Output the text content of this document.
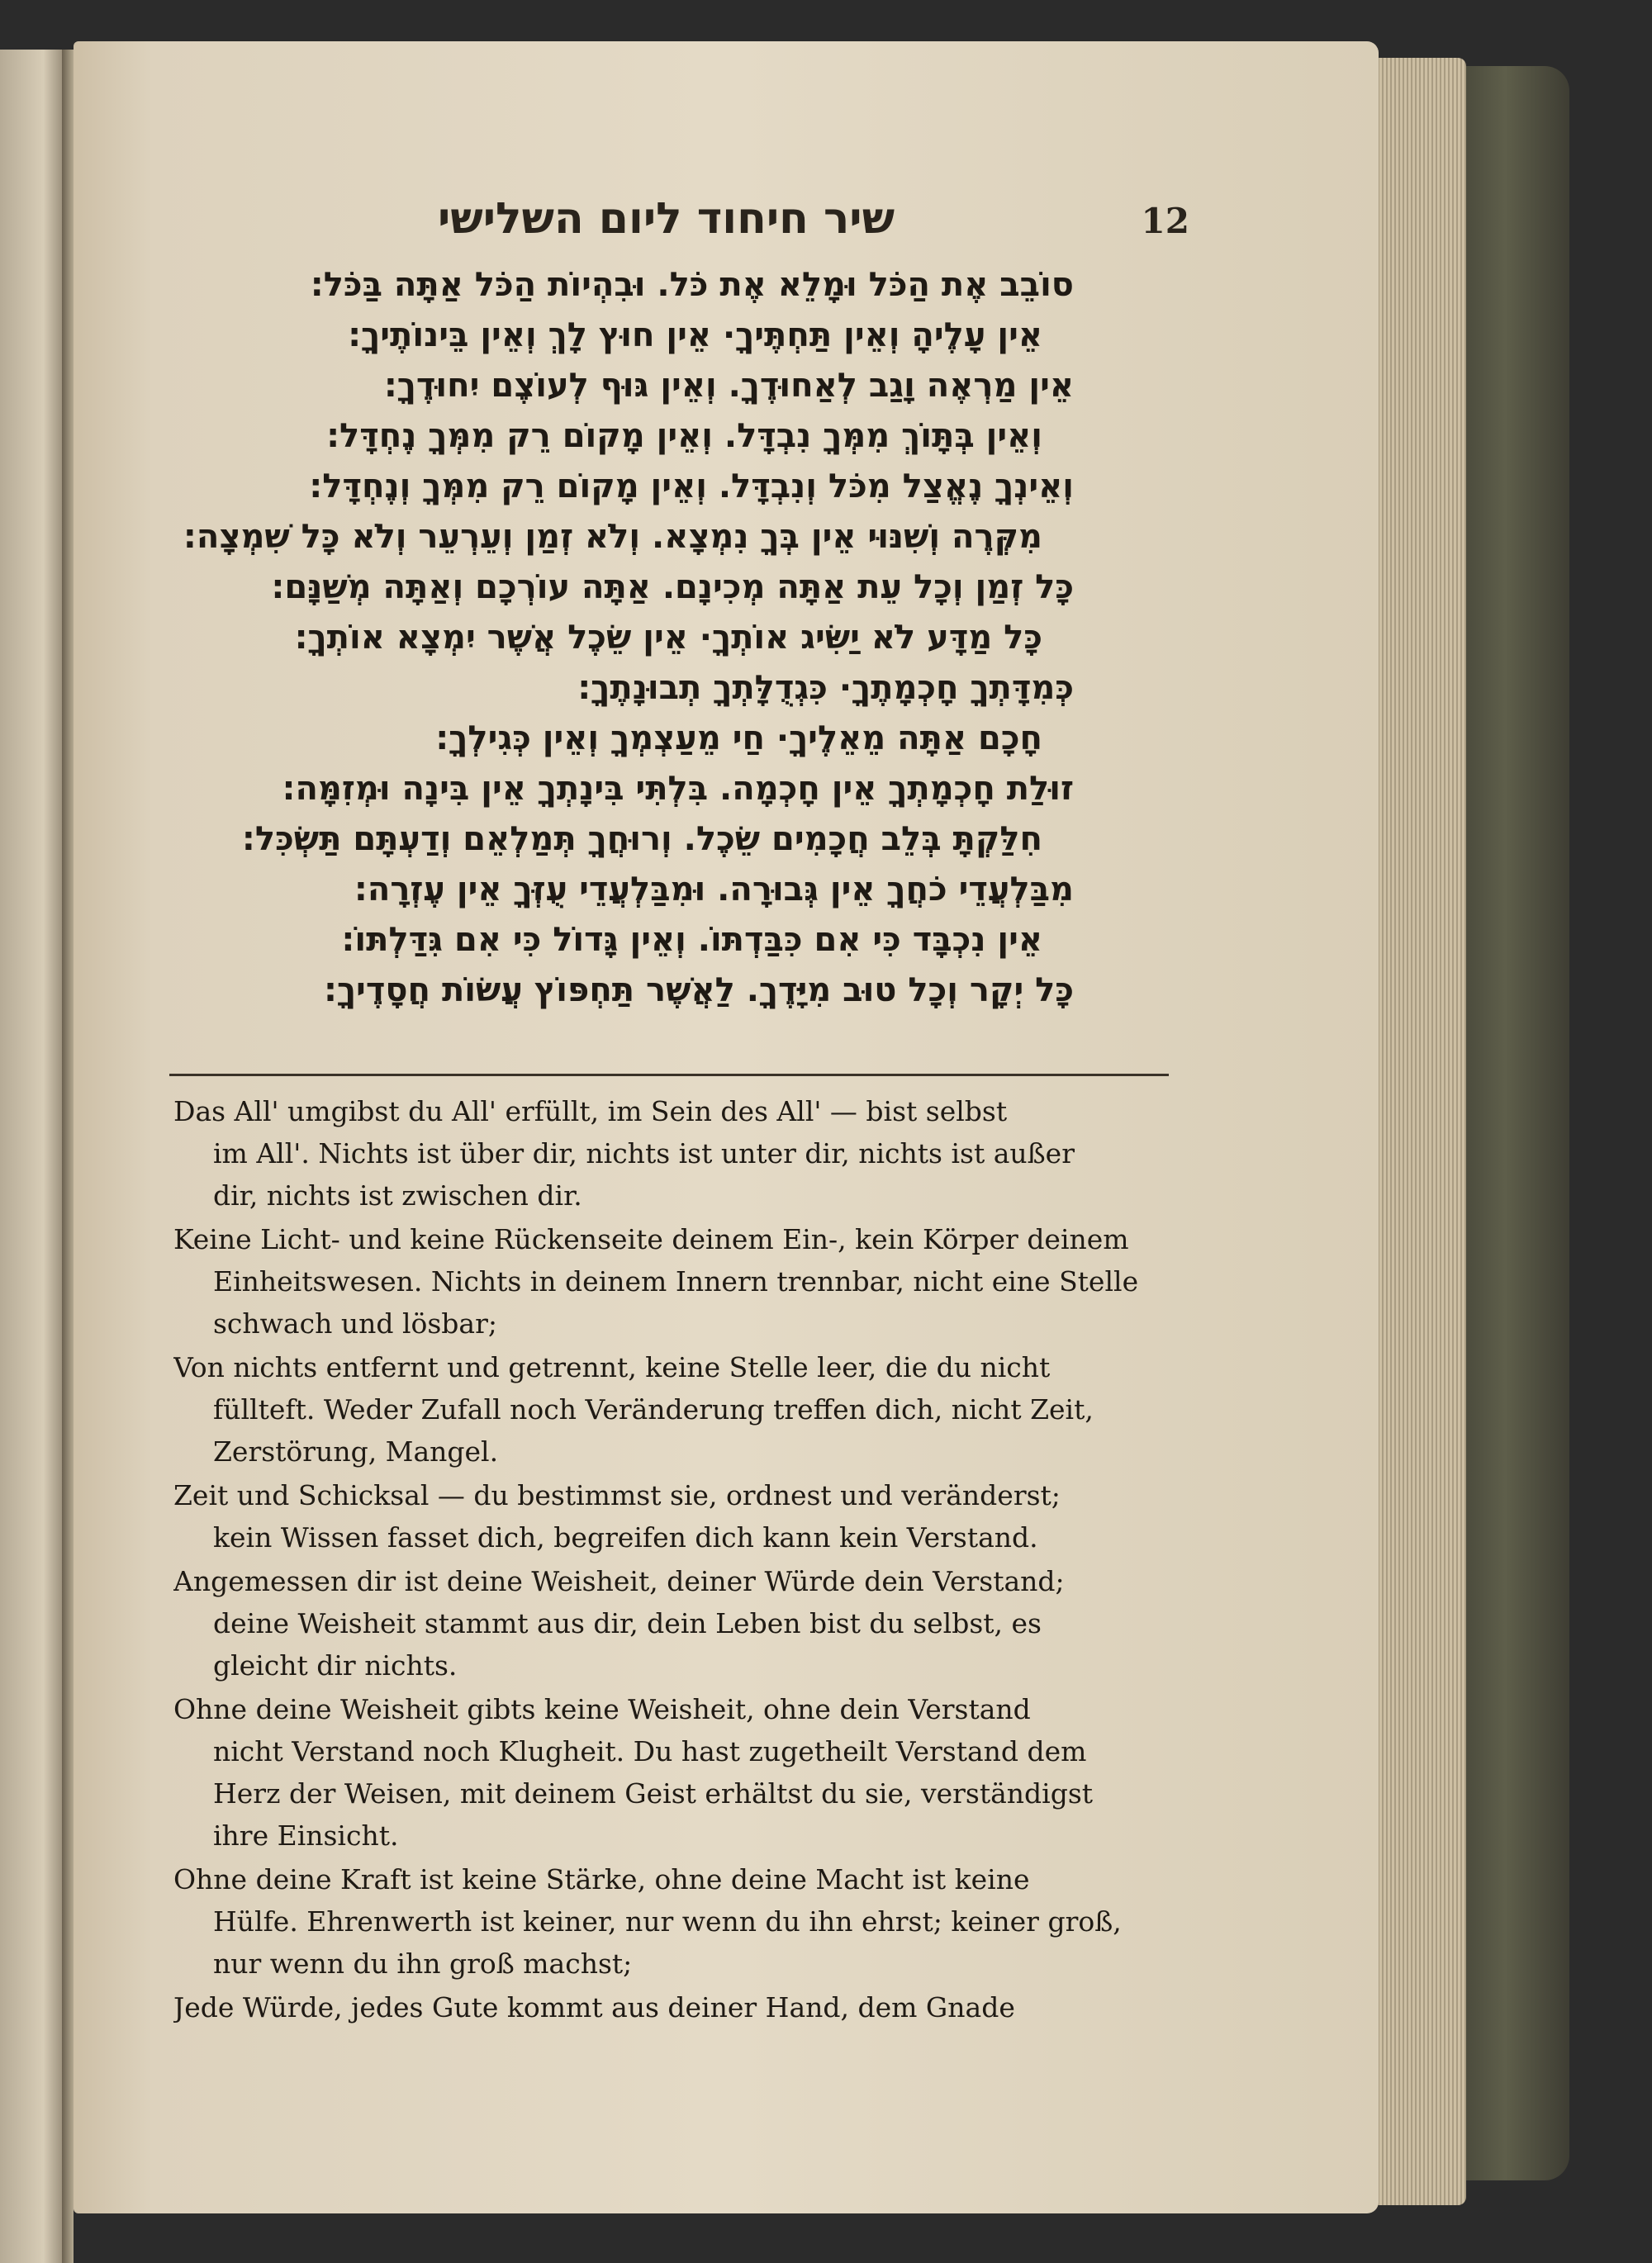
שיר חיחוד ליום השלישי	12
סוֹבֵב אֶת הַכֹּל וּמָלֵא אֶת כֹּל. וּבִהְיוֹת הַכֹּל אַתָּה בַּכֹּל:
אֵין עָלֶיהָ וְאֵין תַּחְתֶּיךָ· אֵין חוּץ לָךְ וְאֵין בֵּינוֹתֶיךָ:
אֵין מַרְאֶה וָגַב לְאַחוּדֶךָ. וְאֵין גּוּף לְעוֹצֶם יִחוּדֶךָ:
וְאֵין בְּתָּוֹךְ מִמְּךָ נִבְדָּל. וְאֵין מָקוֹם רֵק מִמְּךָ נֶחְדָּל:
וְאֵינְךָ נֶאֱצַל מִכֹּל וְנִבְדָּל. וְאֵין מָקוֹם רֵק מִמְּךָ וְנֶחְדָּל:
מִקְּרֶה וְשִׁנּוּי אֵין בְּךָ נִמְצָא. וְלֹא זְמַן וְעֵרְעֵר וְלֹא כָּל שִׁמְצָה:
כָּל זְמַן וְכָל עֵת אַתָּה מְכִינָם. אַתָּה עוֹרְכָם וְאַתָּה מְשַׁנָּם:
כָּל מַדָּע לֹא יַשִּׂיג אוֹתְךָ· אֵין שֵׂכֶל אֲשֶׁר יִמְצָא אוֹתְךָ:
כְּמִדָּתְךָ חָכְמָתֶךָ· כִּגְדֻלָּתְךָ תְבוּנָתֶךָ:
חָכָם אַתָּה מֵאֵלֶיךָ· חַי מֵעַצְמְךָ וְאֵין כְּגִילְךָ:
זוּלַת חָכְמָתְךָ אֵין חָכְמָה. בִּלְתִּי בִּינָתְךָ אֵין בִּינָה וּמְזִמָּה:
חִלַּקְתָּ בְּלֵב חֲכָמִים שֵׂכֶל. וְרוּחֲךָ תְּמַלְאֵם וְדַעְתָּם תַּשְׂכִּל:
מִבַּלְעֲדֵי כֹחֲךָ אֵין גְּבוּרָה. וּמִבַּלְעֲדֵי עֻזְּךָ אֵין עֶזְרָה:
אֵין נִכְבָּד כִּי אִם כִּבַּדְתּוֹ. וְאֵין גָּדוֹל כִּי אִם גִּדַּלְתּוֹ:
כָּל יְקָר וְכָל טוּב מִיָּדֶךָ. לַאֲשֶׁר תַּחְפּוֹץ עֲשׂוֹת חֲסָדֶיךָ:
Das All' umgibst du All' erfüllt, im Sein des All' — bist selbst
im All'. Nichts ist über dir, nichts ist unter dir, nichts ist außer
dir, nichts ist zwischen dir.
Keine Licht- und keine Rückenseite deinem Ein-, kein Körper deinem
Einheitswesen. Nichts in deinem Innern trennbar, nicht eine Stelle
schwach und lösbar;
Von nichts entfernt und getrennt, keine Stelle leer, die du nicht
füllteft. Weder Zufall noch Veränderung treffen dich, nicht Zeit,
Zerstörung, Mangel.
Zeit und Schicksal — du bestimmst sie, ordnest und veränderst;
kein Wissen fasset dich, begreifen dich kann kein Verstand.
Angemessen dir ist deine Weisheit, deiner Würde dein Verstand;
deine Weisheit stammt aus dir, dein Leben bist du selbst, es
gleicht dir nichts.
Ohne deine Weisheit gibts keine Weisheit, ohne dein Verstand
nicht Verstand noch Klugheit. Du hast zugetheilt Verstand dem
Herz der Weisen, mit deinem Geist erhältst du sie, verständigst
ihre Einsicht.
Ohne deine Kraft ist keine Stärke, ohne deine Macht ist keine
Hülfe. Ehrenwerth ist keiner, nur wenn du ihn ehrst; keiner groß,
nur wenn du ihn groß machst;
Jede Würde, jedes Gute kommt aus deiner Hand, dem Gnade
